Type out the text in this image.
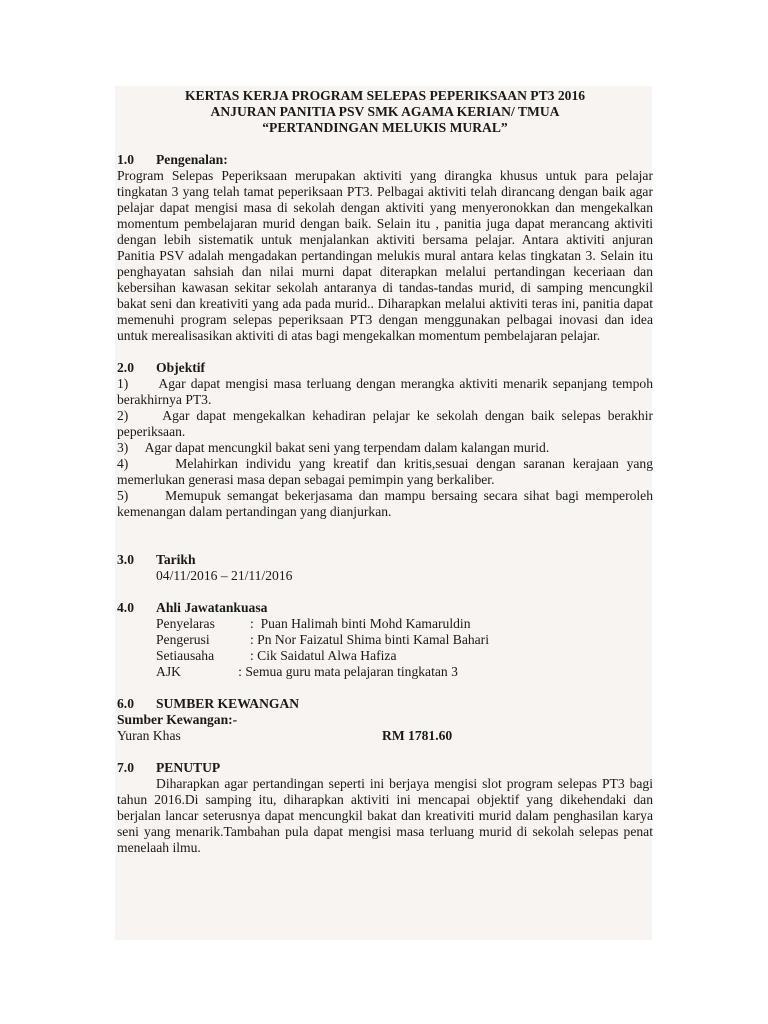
KERTAS KERJA PROGRAM SELEPAS PEPERIKSAAN PT3 2016
ANJURAN PANITIA PSV SMK AGAMA KERIAN/ TMUA
“PERTANDINGAN MELUKIS MURAL”
1.0	Pengenalan:
Program Selepas Peperiksaan merupakan aktiviti yang dirangka khusus untuk para pelajar tingkatan 3 yang telah tamat peperiksaan PT3. Pelbagai aktiviti telah dirancang dengan baik agar pelajar dapat mengisi masa di sekolah dengan aktiviti yang menyeronokkan dan mengekalkan momentum pembelajaran murid dengan baik. Selain itu , panitia juga dapat merancang aktiviti dengan lebih sistematik untuk menjalankan aktiviti bersama pelajar. Antara aktiviti anjuran Panitia PSV adalah mengadakan pertandingan melukis mural antara kelas tingkatan 3. Selain itu penghayatan sahsiah dan nilai murni dapat diterapkan melalui pertandingan keceriaan dan kebersihan kawasan sekitar sekolah antaranya di tandas-tandas murid, di samping mencungkil bakat seni dan kreativiti yang ada pada murid.. Diharapkan melalui aktiviti teras ini, panitia dapat memenuhi program selepas peperiksaan PT3 dengan menggunakan pelbagai inovasi dan idea untuk merealisasikan aktiviti di atas bagi mengekalkan momentum pembelajaran pelajar.
2.0	Objektif
1)      Agar dapat mengisi masa terluang dengan merangka aktiviti menarik sepanjang tempoh berakhirnya PT3.
2)     Agar dapat mengekalkan kehadiran pelajar ke sekolah dengan baik selepas berakhir peperiksaan.
3)     Agar dapat mencungkil bakat seni yang terpendam dalam kalangan murid.
4)      Melahirkan individu yang kreatif dan kritis,sesuai dengan saranan kerajaan yang memerlukan generasi masa depan sebagai pemimpin yang berkaliber.
5)      Memupuk semangat bekerjasama dan mampu bersaing secara sihat bagi memperoleh kemenangan dalam pertandingan yang dianjurkan.
3.0	Tarikh
04/11/2016 – 21/11/2016
4.0	Ahli Jawatankuasa
Penyelaras	:  Puan Halimah binti Mohd Kamaruldin
Pengerusi	: Pn Nor Faizatul Shima binti Kamal Bahari
Setiausaha	: Cik Saidatul Alwa Hafiza
AJK : Semua guru mata pelajaran tingkatan 3
6.0	SUMBER KEWANGAN
Sumber Kewangan:-
Yuran Khas	RM 1781.60
7.0	PENUTUP
Diharapkan agar pertandingan seperti ini berjaya mengisi slot program selepas PT3 bagi tahun 2016.Di samping itu, diharapkan aktiviti ini mencapai objektif yang dikehendaki dan berjalan lancar seterusnya dapat mencungkil bakat dan kreativiti murid dalam penghasilan karya seni yang menarik.Tambahan pula dapat mengisi masa terluang murid di sekolah selepas penat menelaah ilmu.
